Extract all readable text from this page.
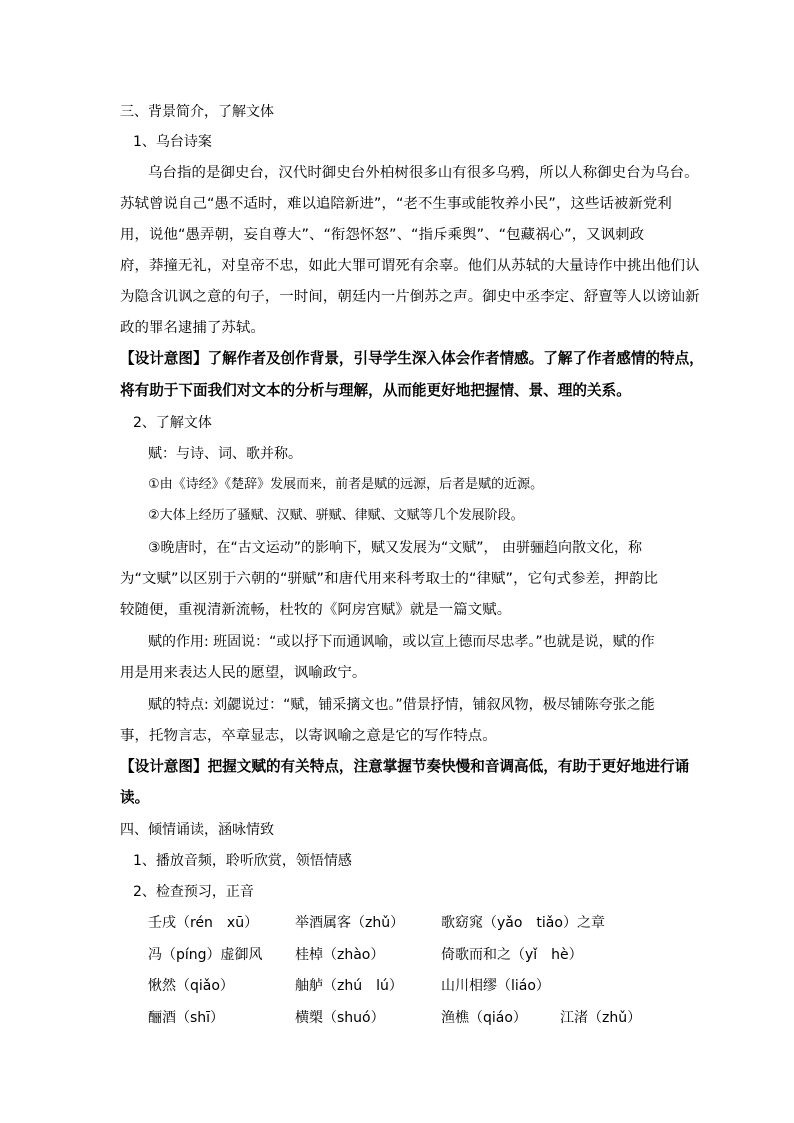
三、背景简介，了解文体
1、乌台诗案
乌台指的是御史台，汉代时御史台外柏树很多山有很多乌鸦，所以人称御史台为乌台。
苏轼曾说自己“愚不适时，难以追陪新进”，“老不生事或能牧养小民”，这些话被新党利
用，说他“愚弄朝，妄自尊大”、“衔怨怀怒”、“指斥乘舆”、“包藏祸心”，又讽刺政
府，莽撞无礼，对皇帝不忠，如此大罪可谓死有余辜。他们从苏轼的大量诗作中挑出他们认
为隐含讥讽之意的句子，一时间，朝廷内一片倒苏之声。御史中丞李定、舒亶等人以谤讪新
政的罪名逮捕了苏轼。
【设计意图】了解作者及创作背景，引导学生深入体会作者情感。了解了作者感情的特点，
将有助于下面我们对文本的分析与理解，从而能更好地把握情、景、理的关系。
2、了解文体
赋：与诗、词、歌并称。
①由《诗经》《楚辞》发展而来，前者是赋的远源，后者是赋的近源。
②大体上经历了骚赋、汉赋、骈赋、律赋、文赋等几个发展阶段。
③晚唐时，在“古文运动”的影响下，赋又发展为“文赋”， 由骈骊趋向散文化，称
为“文赋”以区别于六朝的“骈赋”和唐代用来科考取士的“律赋”，它句式参差，押韵比
较随便，重视清新流畅，杜牧的《阿房宫赋》就是一篇文赋。
赋的作用: 班固说：“或以抒下而通讽喻，或以宣上德而尽忠孝。”也就是说，赋的作
用是用来表达人民的愿望，讽喻政宁。
赋的特点: 刘勰说过：“赋，铺采摛文也。”借景抒情，铺叙风物，极尽铺陈夸张之能
事，托物言志，卒章显志，以寄讽喻之意是它的写作特点。
【设计意图】把握文赋的有关特点，注意掌握节奏快慢和音调高低，有助于更好地进行诵
读。
四、倾情诵读，涵咏情致
1、播放音频，聆听欣赏，领悟情感
2、检查预习，正音
壬戌（rén　xū）	举酒属客（zhǔ）	歌窈窕（yǎo　tiǎo）之章
冯（píng）虚御风 桂棹（zhào）	倚歌而和之（yǐ　hè）
愀然（qiǎo）	舳舻（zhú　lú）	山川相缪（liáo）
酾酒（shī）	横槊（shuó）	渔樵（qiáo） 江渚（zhǔ）
